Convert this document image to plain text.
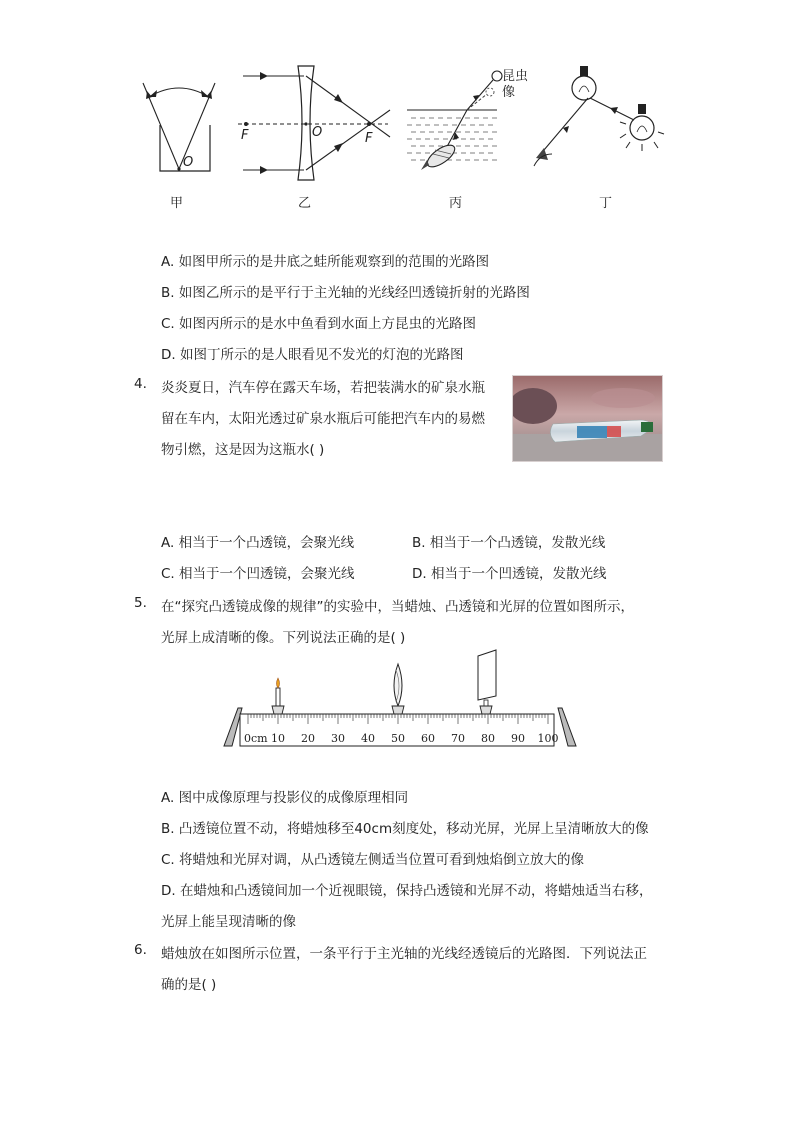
O
F	O	F
昆虫
像
甲	乙	丙	丁
A. 如图甲所示的是井底之蛙所能观察到的范围的光路图
B. 如图乙所示的是平行于主光轴的光线经凹透镜折射的光路图
C. 如图丙所示的是水中鱼看到水面上方昆虫的光路图
D. 如图丁所示的是人眼看见不发光的灯泡的光路图
4. 炎炎夏日，汽车停在露天车场，若把装满水的矿泉水瓶
留在车内，太阳光透过矿泉水瓶后可能把汽车内的易燃
物引燃，这是因为这瓶水( )
A. 相当于一个凸透镜，会聚光线	B. 相当于一个凸透镜，发散光线
C. 相当于一个凹透镜，会聚光线	D. 相当于一个凹透镜，发散光线
5. 在“探究凸透镜成像的规律”的实验中，当蜡烛、凸透镜和光屏的位置如图所示，
光屏上成清晰的像。下列说法正确的是( )
0cm 10 20 30 40 50 60 70 80 90 100
A. 图中成像原理与投影仪的成像原理相同
B. 凸透镜位置不动，将蜡烛移至40cm刻度处，移动光屏，光屏上呈清晰放大的像
C. 将蜡烛和光屏对调，从凸透镜左侧适当位置可看到烛焰倒立放大的像
D. 在蜡烛和凸透镜间加一个近视眼镜，保持凸透镜和光屏不动，将蜡烛适当右移，
光屏上能呈现清晰的像
6. 蜡烛放在如图所示位置，一条平行于主光轴的光线经透镜后的光路图．下列说法正
确的是( )
